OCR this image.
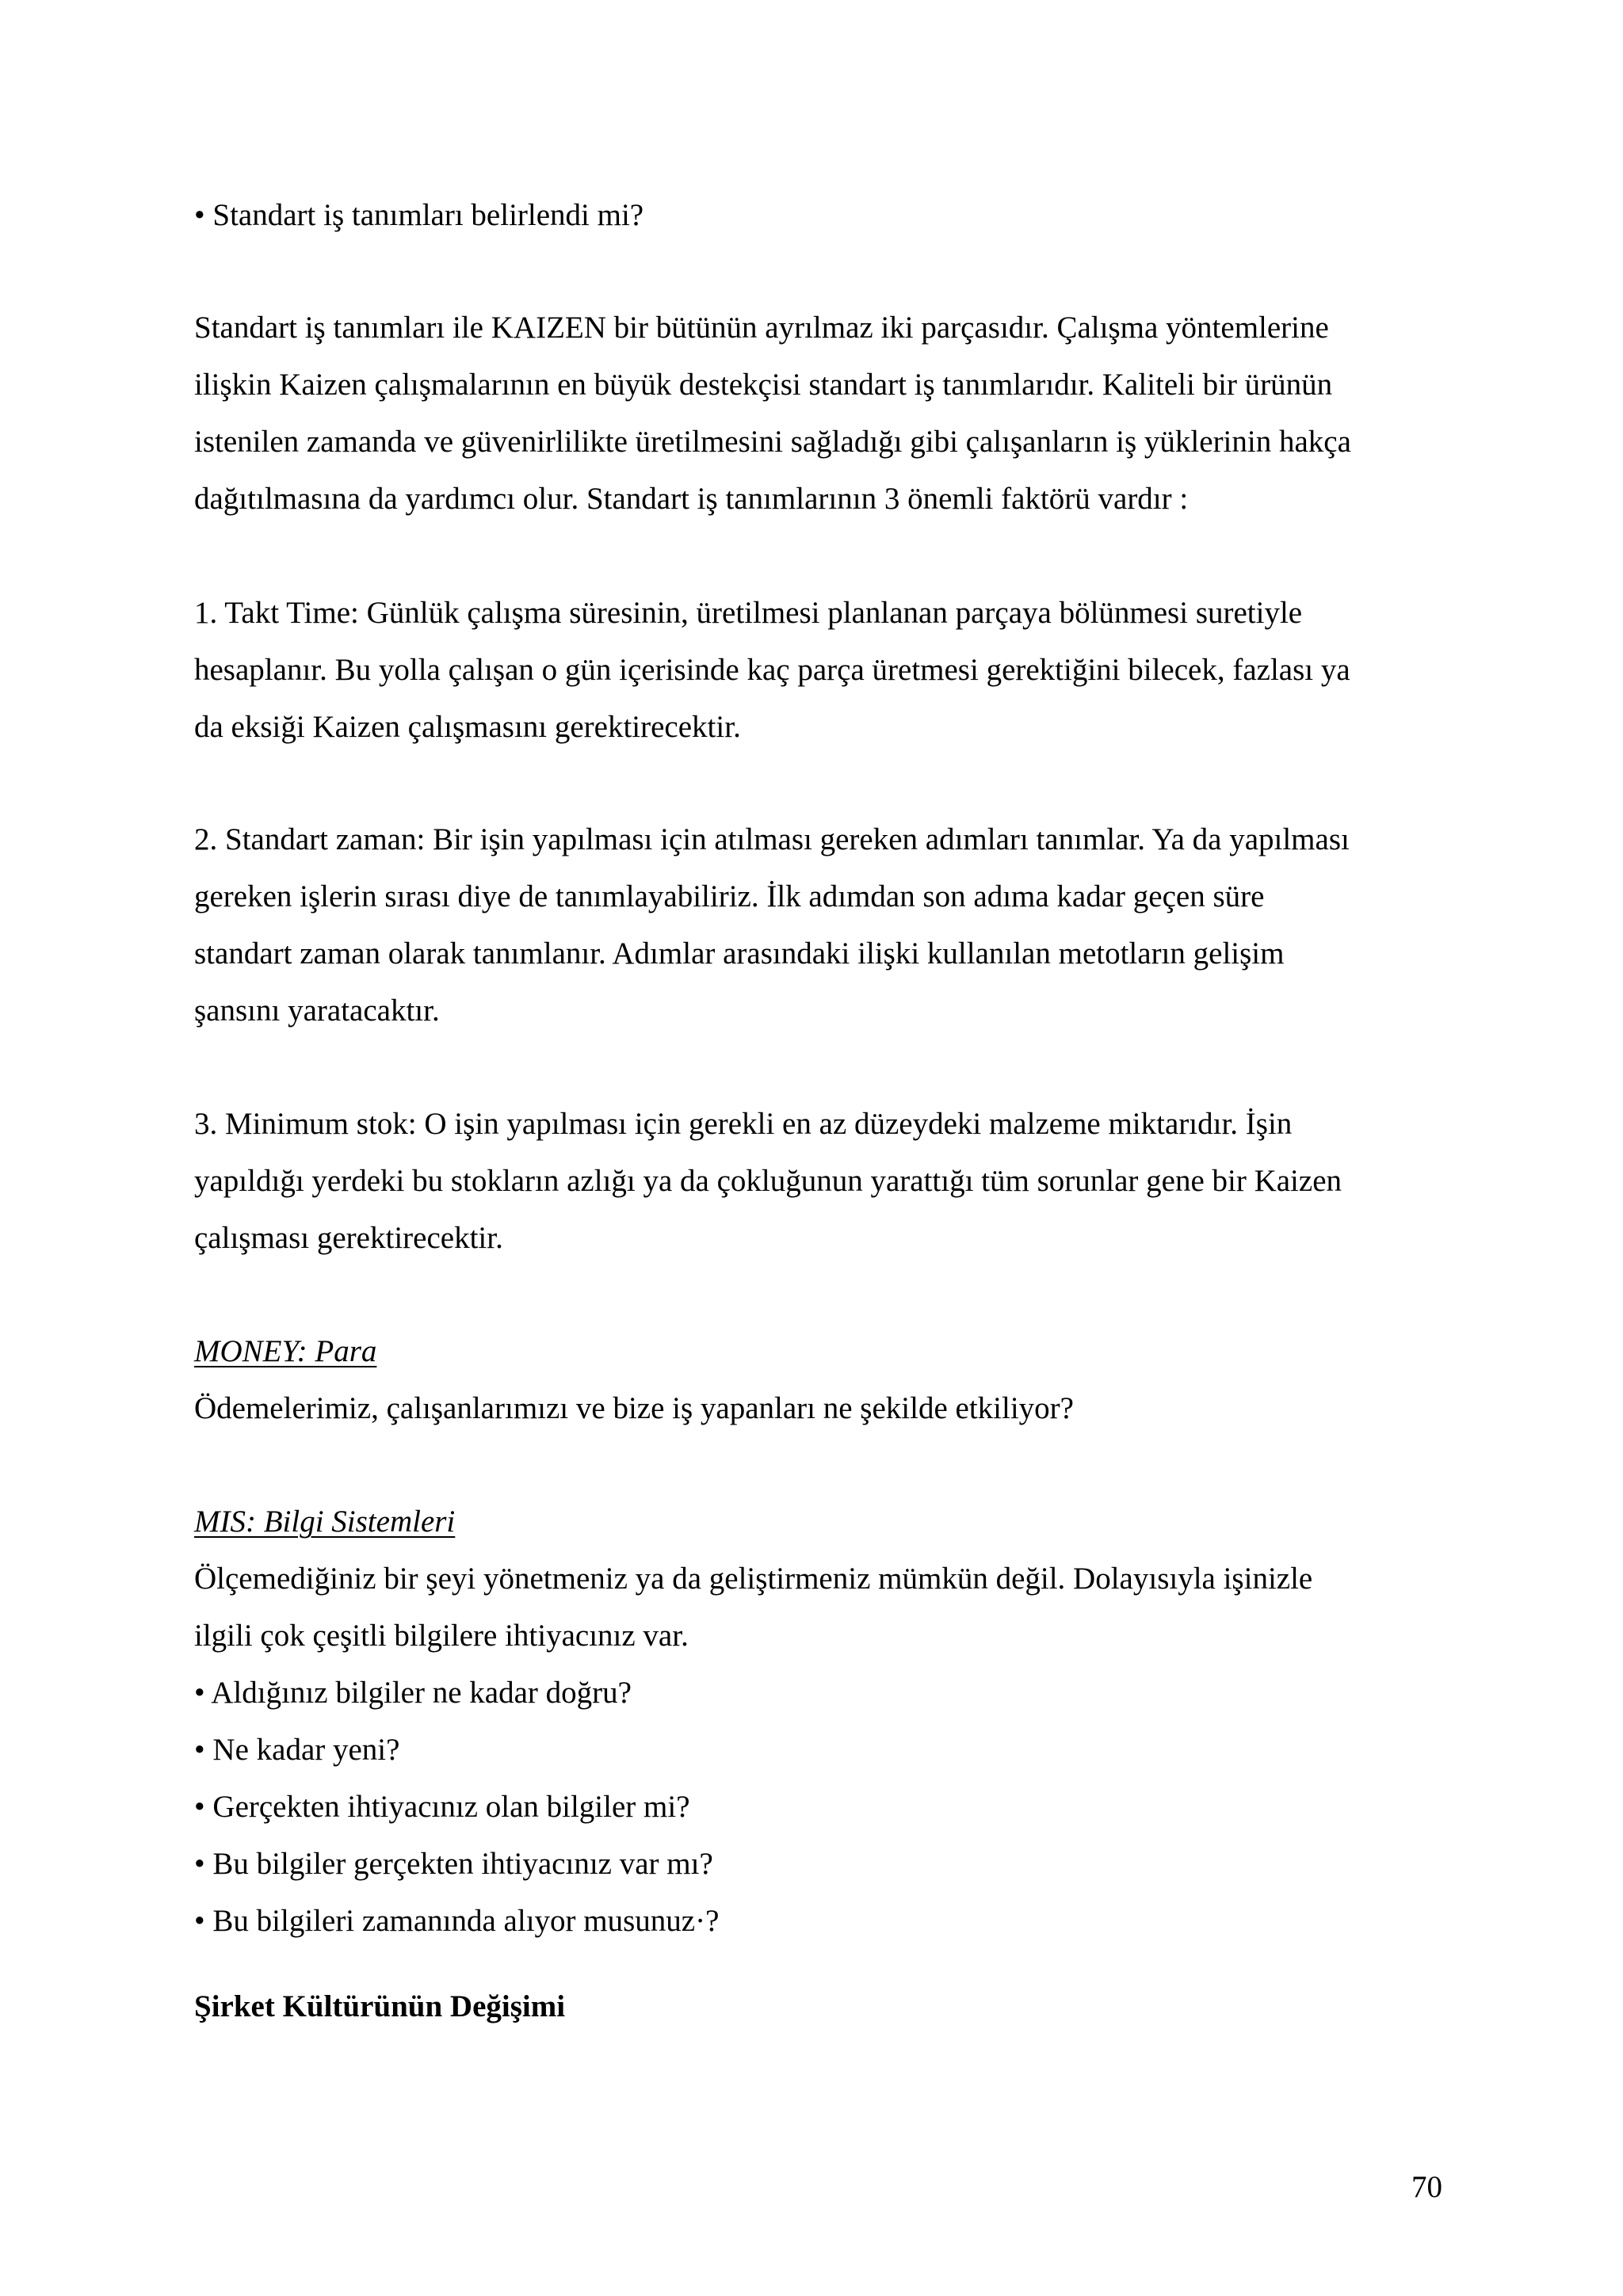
• Standart iş tanımları belirlendi mi?

Standart iş tanımları ile KAIZEN bir bütünün ayrılmaz iki parçasıdır. Çalışma yöntemlerine
ilişkin Kaizen çalışmalarının en büyük destekçisi standart iş tanımlarıdır. Kaliteli bir ürünün
istenilen zamanda ve güvenirlilikte üretilmesini sağladığı gibi çalışanların iş yüklerinin hakça
dağıtılmasına da yardımcı olur. Standart iş tanımlarının 3 önemli faktörü vardır :
1. Takt Time: Günlük çalışma süresinin, üretilmesi planlanan parçaya bölünmesi suretiyle
hesaplanır. Bu yolla çalışan o gün içerisinde kaç parça üretmesi gerektiğini bilecek, fazlası ya
da eksiği Kaizen çalışmasını gerektirecektir.
2. Standart zaman: Bir işin yapılması için atılması gereken adımları tanımlar. Ya da yapılması
gereken işlerin sırası diye de tanımlayabiliriz. İlk adımdan son adıma kadar geçen süre
standart zaman olarak tanımlanır. Adımlar arasındaki ilişki kullanılan metotların gelişim
şansını yaratacaktır.
3. Minimum stok: O işin yapılması için gerekli en az düzeydeki malzeme miktarıdır. İşin
yapıldığı yerdeki bu stokların azlığı ya da çokluğunun yarattığı tüm sorunlar gene bir Kaizen
çalışması gerektirecektir.
MONEY: Para
Ödemelerimiz, çalışanlarımızı ve bize iş yapanları ne şekilde etkiliyor?
MIS: Bilgi Sistemleri
Ölçemediğiniz bir şeyi yönetmeniz ya da geliştirmeniz mümkün değil. Dolayısıyla işinizle
ilgili çok çeşitli bilgilere ihtiyacınız var.
• Aldığınız bilgiler ne kadar doğru?
• Ne kadar yeni?
• Gerçekten ihtiyacınız olan bilgiler mi?
• Bu bilgiler gerçekten ihtiyacınız var mı?
• Bu bilgileri zamanında alıyor musunuz·?

Şirket Kültürünün Değişimi

70
